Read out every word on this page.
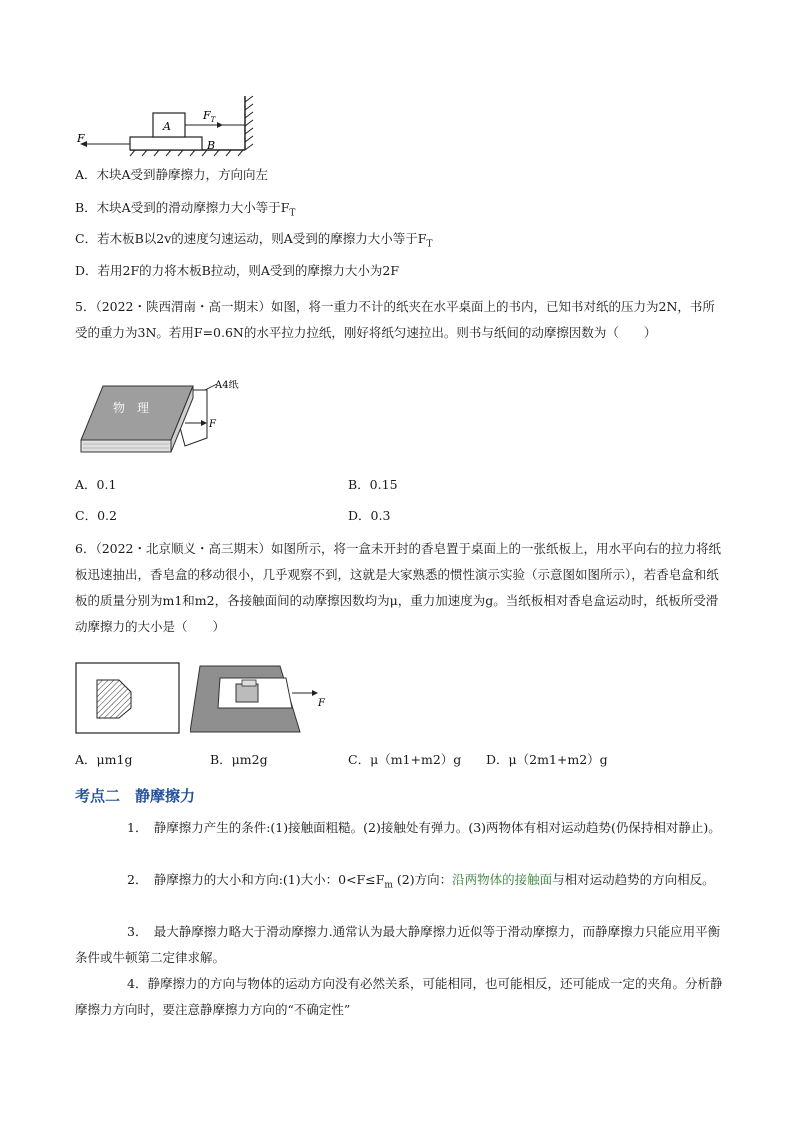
A
B
$F_T$
F
A．木块A受到静摩擦力，方向向左
B．木块A受到的滑动摩擦力大小等于$F_T$
C．若木板B以2v的速度匀速运动，则A受到的摩擦力大小等于$F_T$
D．若用2F的力将木板B拉动，则A受到的摩擦力大小为2F
5．（2022・陕西渭南・高一期末）如图，将一重力不计的纸夹在水平桌面上的书内，已知书对纸的压力为2N，书所受的重力为3N。若用F=0.6N的水平拉力拉纸，刚好将纸匀速拉出。则书与纸间的动摩擦因数为（　　）
物　理
A4纸
F
A．0.1	B．0.15
C．0.2	D．0.3
6．（2022・北京顺义・高三期末）如图所示，将一盒未开封的香皂置于桌面上的一张纸板上，用水平向右的拉力将纸板迅速抽出，香皂盒的移动很小，几乎观察不到，这就是大家熟悉的惯性演示实验（示意图如图所示），若香皂盒和纸板的质量分别为m1和m2，各接触面间的动摩擦因数均为μ，重力加速度为g。当纸板相对香皂盒运动时，纸板所受滑动摩擦力的大小是（　　）
F
A．μm1g	B．μm2g	C．μ（m1+m2）g D．μ（2m1+m2）g
考点二　静摩擦力
1．　静摩擦力产生的条件:(1)接触面粗糙。(2)接触处有弹力。(3)两物体有相对运动趋势(仍保持相对静止)。
2．　静摩擦力的大小和方向:(1)大小：$0<F\le F_m$ (2)方向：沿两物体的接触面与相对运动趋势的方向相反。
3．　最大静摩擦力略大于滑动摩擦力.通常认为最大静摩擦力近似等于滑动摩擦力，而静摩擦力只能应用平衡条件或牛顿第二定律求解。
4．静摩擦力的方向与物体的运动方向没有必然关系，可能相同，也可能相反，还可能成一定的夹角。分析静摩擦力方向时，要注意静摩擦力方向的“不确定性”
